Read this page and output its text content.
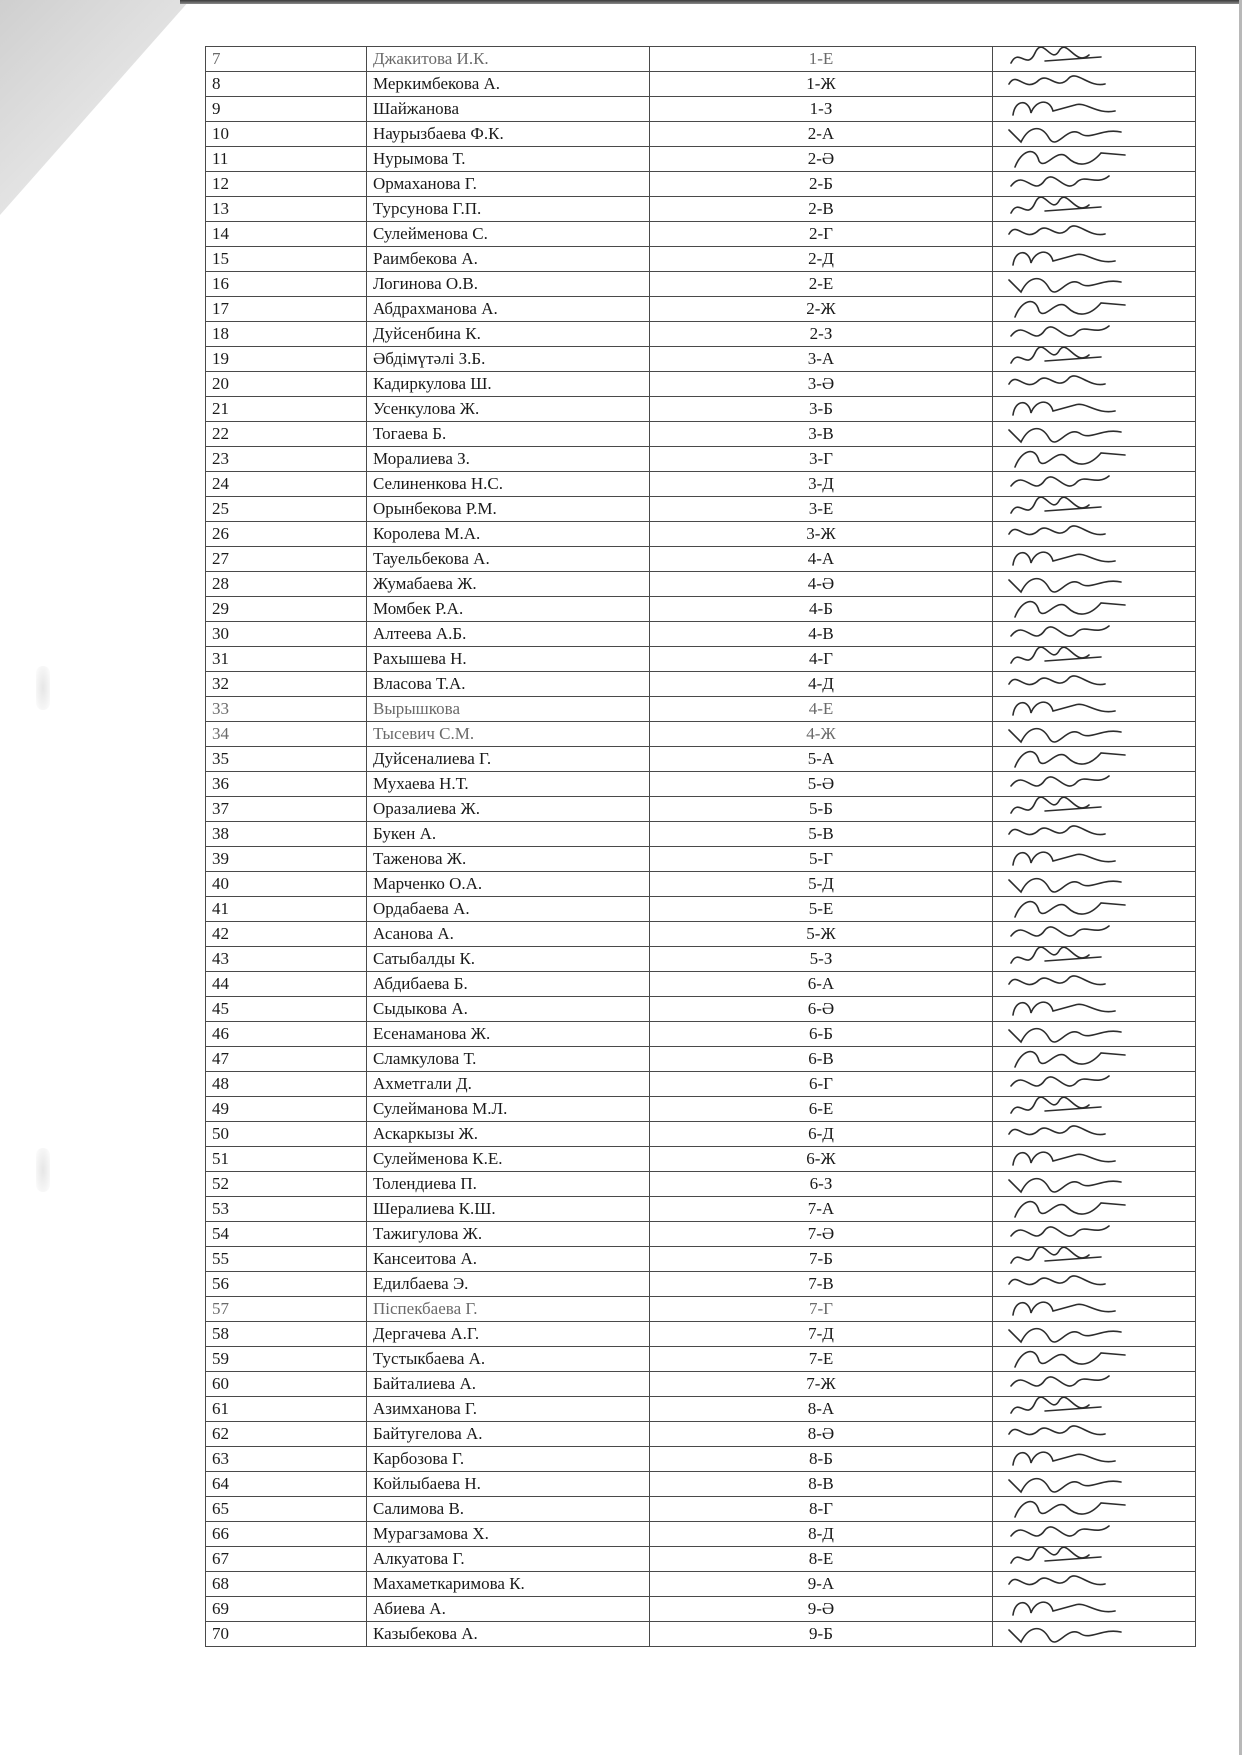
7	Джакитова И.К.	1-Е	

8	Меркимбекова А.	1-Ж	

9	Шайжанова	1-З	

10	Наурызбаева Ф.К.	2-А	

11	Нурымова Т.	2-Ә	

12	Ормаханова Г.	2-Б	

13	Турсунова Г.П.	2-В	

14	Сулейменова С.	2-Г	

15	Раимбекова А.	2-Д	

16	Логинова О.В.	2-Е	

17	Абдрахманова А.	2-Ж	

18	Дуйсенбина К.	2-З	

19	Әбдімүтәлі З.Б.	3-А	

20	Кадиркулова Ш.	3-Ә	

21	Усенкулова Ж.	3-Б	

22	Тогаева Б.	3-В	

23	Моралиева З.	3-Г	

24	Селиненкова Н.С.	3-Д	

25	Орынбекова Р.М.	3-Е	

26	Королева М.А.	3-Ж	

27	Тауельбекова А.	4-А	

28	Жумабаева Ж.	4-Ә	

29	Момбек Р.А.	4-Б	

30	Алтеева А.Б.	4-В	

31	Рахышева Н.	4-Г	

32	Власова Т.А.	4-Д	

33	Вырышкова	4-Е	

34	Тысевич С.М.	4-Ж	

35	Дуйсеналиева Г.	5-А	

36	Мухаева Н.Т.	5-Ә	

37	Оразалиева Ж.	5-Б	

38	Букен А.	5-В	

39	Таженова Ж.	5-Г	

40	Марченко О.А.	5-Д	

41	Ордабаева А.	5-Е	

42	Асанова А.	5-Ж	

43	Сатыбалды К.	5-З	

44	Абдибаева Б.	6-А	

45	Сыдыкова А.	6-Ә	

46	Есенаманова Ж.	6-Б	

47	Сламкулова Т.	6-В	

48	Ахметгали Д.	6-Г	

49	Сулейманова М.Л.	6-Е	

50	Аскаркызы Ж.	6-Д	

51	Сулейменова К.Е.	6-Ж	

52	Толендиева П.	6-З	

53	Шералиева К.Ш.	7-А	

54	Тажигулова Ж.	7-Ә	

55	Кансеитова А.	7-Б	

56	Едилбаева Э.	7-В	

57	Піспекбаева Г.	7-Г	

58	Дергачева А.Г.	7-Д	

59	Тустыкбаева А.	7-Е	

60	Байталиева А.	7-Ж	

61	Азимханова Г.	8-А	

62	Байтугелова А.	8-Ә	

63	Карбозова Г.	8-Б	

64	Койлыбаева Н.	8-В	

65	Салимова В.	8-Г	

66	Мурагзамова Х.	8-Д	

67	Алкуатова Г.	8-Е	

68	Махаметкаримова К.	9-А	

69	Абиева А.	9-Ә	

70	Казыбекова А.	9-Б	
